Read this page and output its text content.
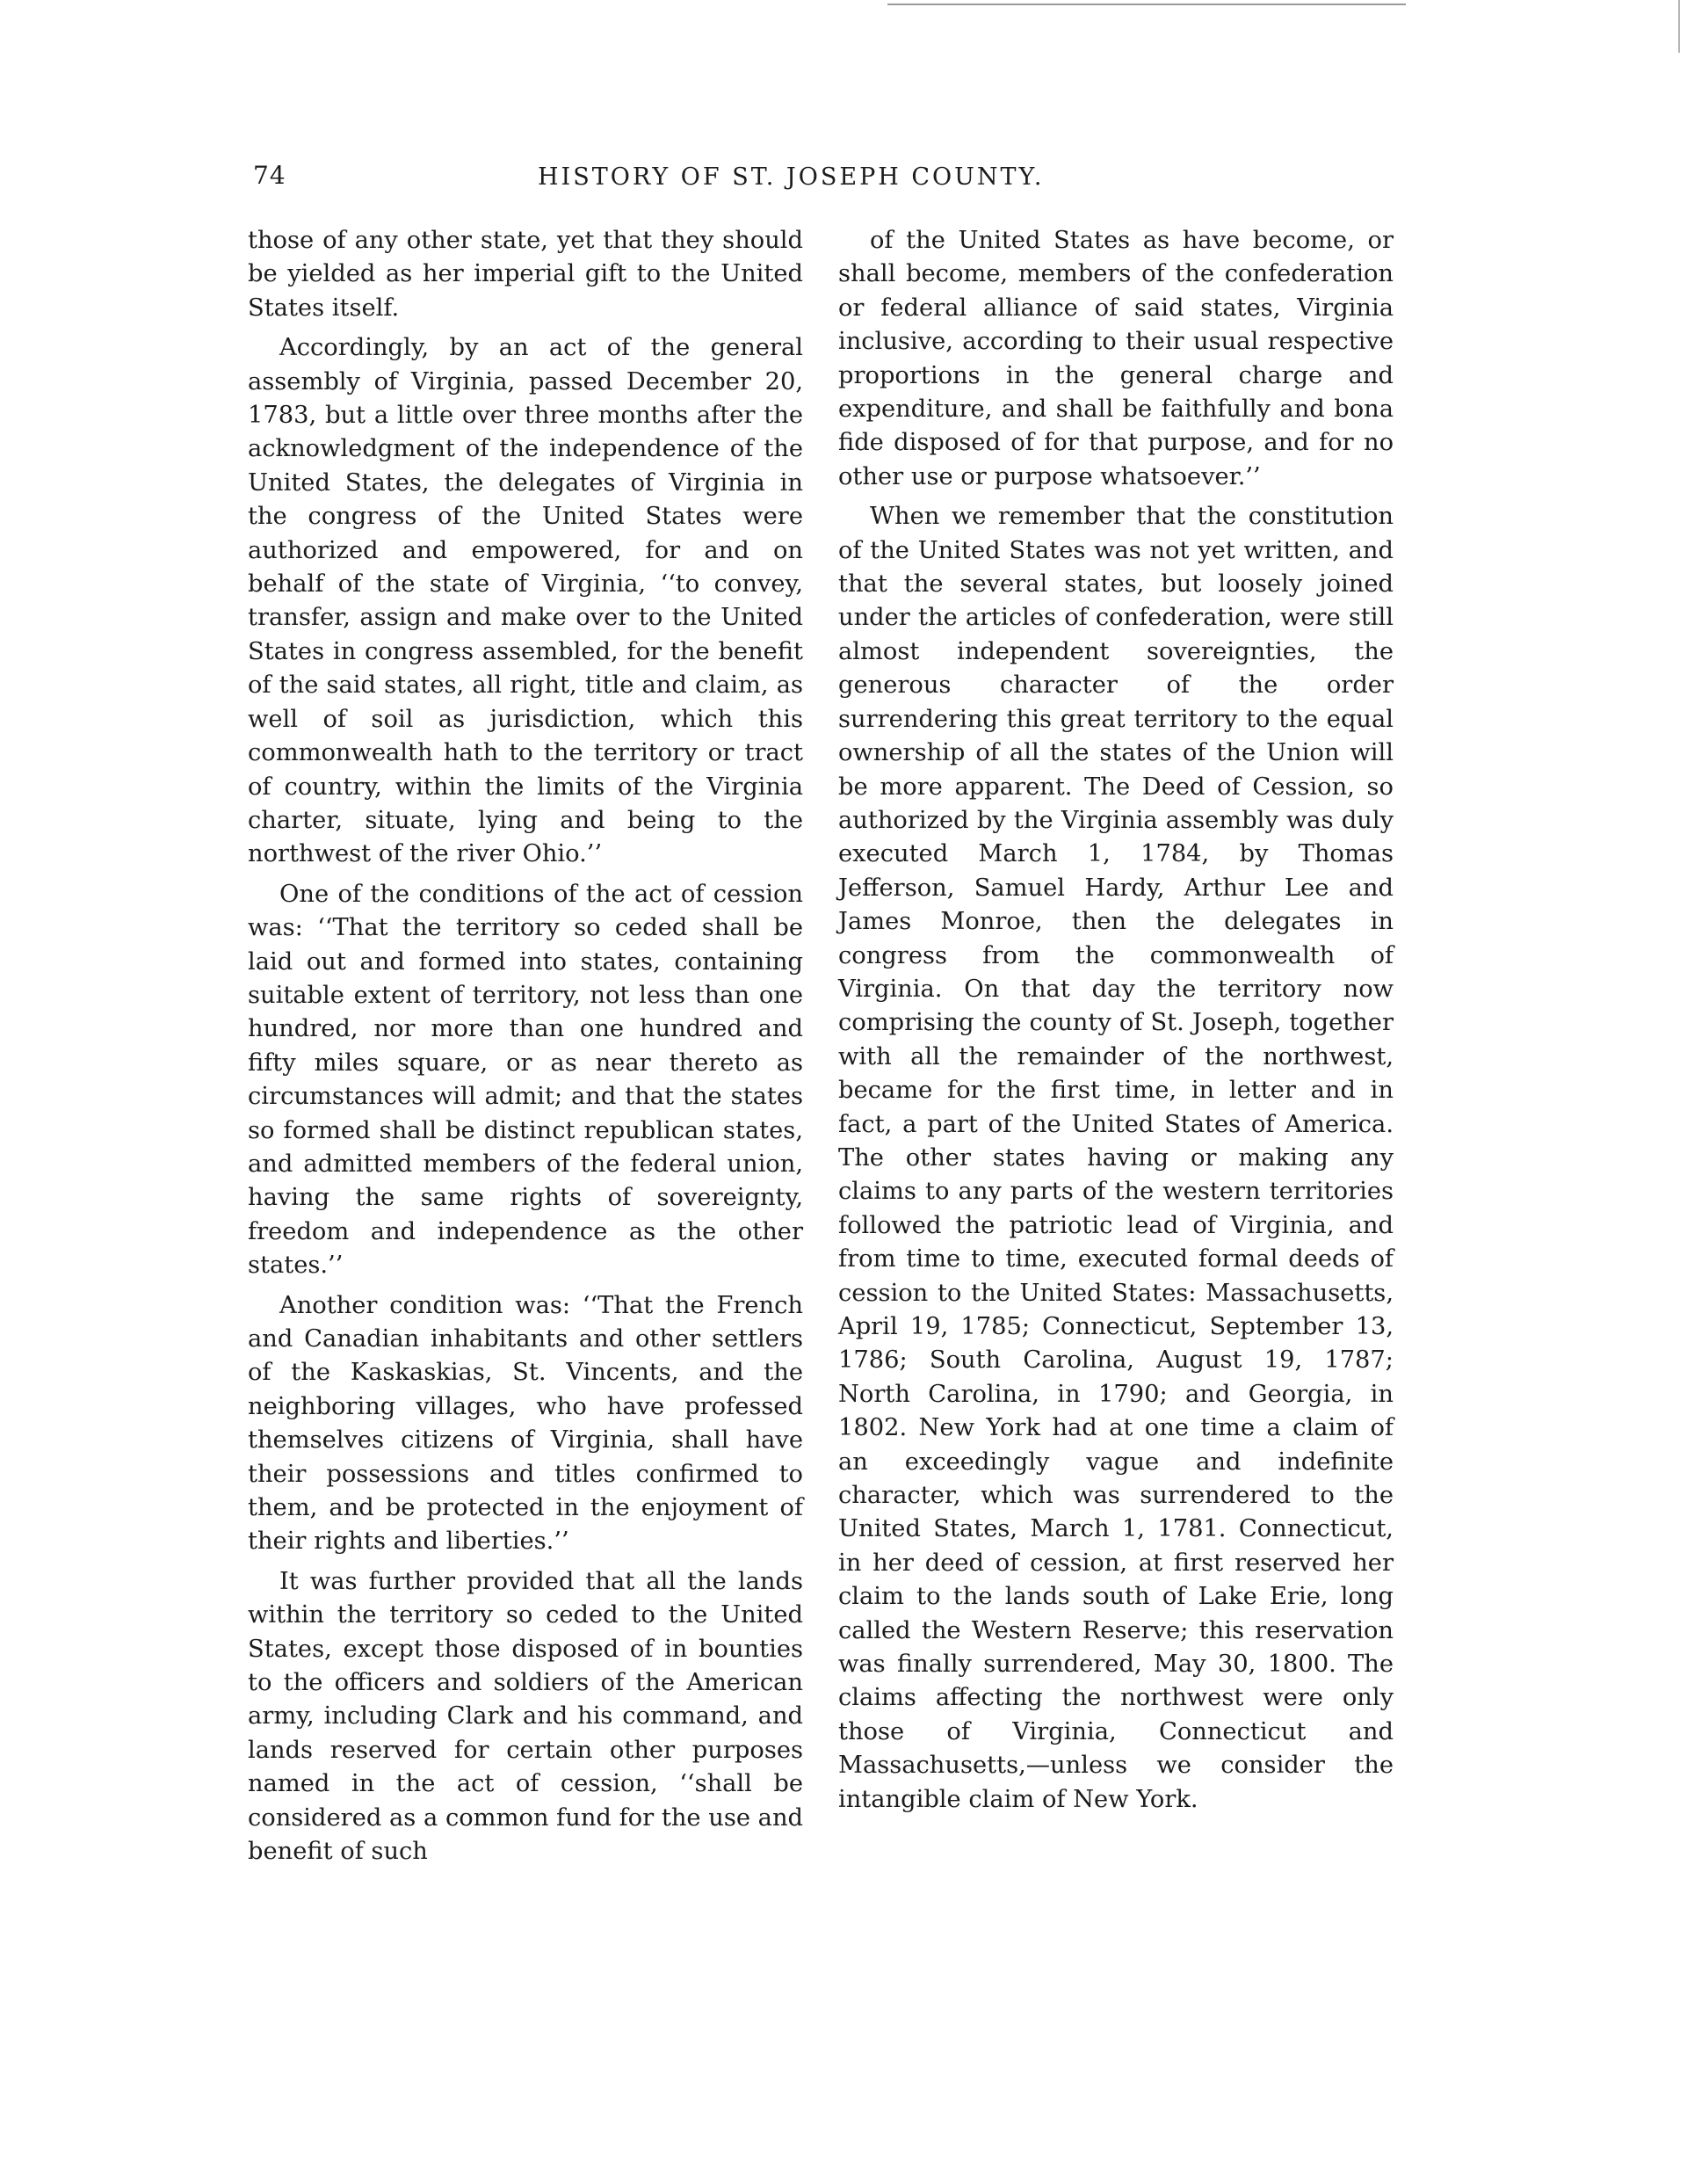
74	HISTORY OF ST. JOSEPH COUNTY.

those of any other state, yet that they should be yielded as her imperial gift to the United States itself.

Accordingly, by an act of the general assembly of Virginia, passed December 20, 1783, but a little over three months after the acknowledgment of the independence of the United States, the delegates of Virginia in the congress of the United States were authorized and empowered, for and on behalf of the state of Virginia, ‘‘to convey, transfer, assign and make over to the United States in congress assembled, for the benefit of the said states, all right, title and claim, as well of soil as jurisdiction, which this commonwealth hath to the territory or tract of country, within the limits of the Virginia charter, situate, lying and being to the northwest of the river Ohio.’’

One of the conditions of the act of cession was: ‘‘That the territory so ceded shall be laid out and formed into states, containing suitable extent of territory, not less than one hundred, nor more than one hundred and fifty miles square, or as near thereto as circumstances will admit; and that the states so formed shall be distinct republican states, and admitted members of the federal union, having the same rights of sovereignty, freedom and independence as the other states.’’

Another condition was: ‘‘That the French and Canadian inhabitants and other settlers of the Kaskaskias, St. Vincents, and the neighboring villages, who have professed themselves citizens of Virginia, shall have their possessions and titles confirmed to them, and be protected in the enjoyment of their rights and liberties.’’

It was further provided that all the lands within the territory so ceded to the United States, except those disposed of in bounties to the officers and soldiers of the American army, including Clark and his command, and lands reserved for certain other purposes named in the act of cession, ‘‘shall be considered as a common fund for the use and benefit of such

of the United States as have become, or shall become, members of the confederation or federal alliance of said states, Virginia inclusive, according to their usual respective proportions in the general charge and expenditure, and shall be faithfully and bona fide disposed of for that purpose, and for no other use or purpose whatsoever.’’

When we remember that the constitution of the United States was not yet written, and that the several states, but loosely joined under the articles of confederation, were still almost independent sovereignties, the generous character of the order surrendering this great territory to the equal ownership of all the states of the Union will be more apparent. The Deed of Cession, so authorized by the Virginia assembly was duly executed March 1, 1784, by Thomas Jefferson, Samuel Hardy, Arthur Lee and James Monroe, then the delegates in congress from the commonwealth of Virginia. On that day the territory now comprising the county of St. Joseph, together with all the remainder of the northwest, became for the first time, in letter and in fact, a part of the United States of America. The other states having or making any claims to any parts of the western territories followed the patriotic lead of Virginia, and from time to time, executed formal deeds of cession to the United States: Massachusetts, April 19, 1785; Connecticut, September 13, 1786; South Carolina, August 19, 1787; North Carolina, in 1790; and Georgia, in 1802. New York had at one time a claim of an exceedingly vague and indefinite character, which was surrendered to the United States, March 1, 1781. Connecticut, in her deed of cession, at first reserved her claim to the lands south of Lake Erie, long called the Western Reserve; this reservation was finally surrendered, May 30, 1800. The claims affecting the northwest were only those of Virginia, Connecticut and Massachusetts,—unless we consider the intangible claim of New York.
